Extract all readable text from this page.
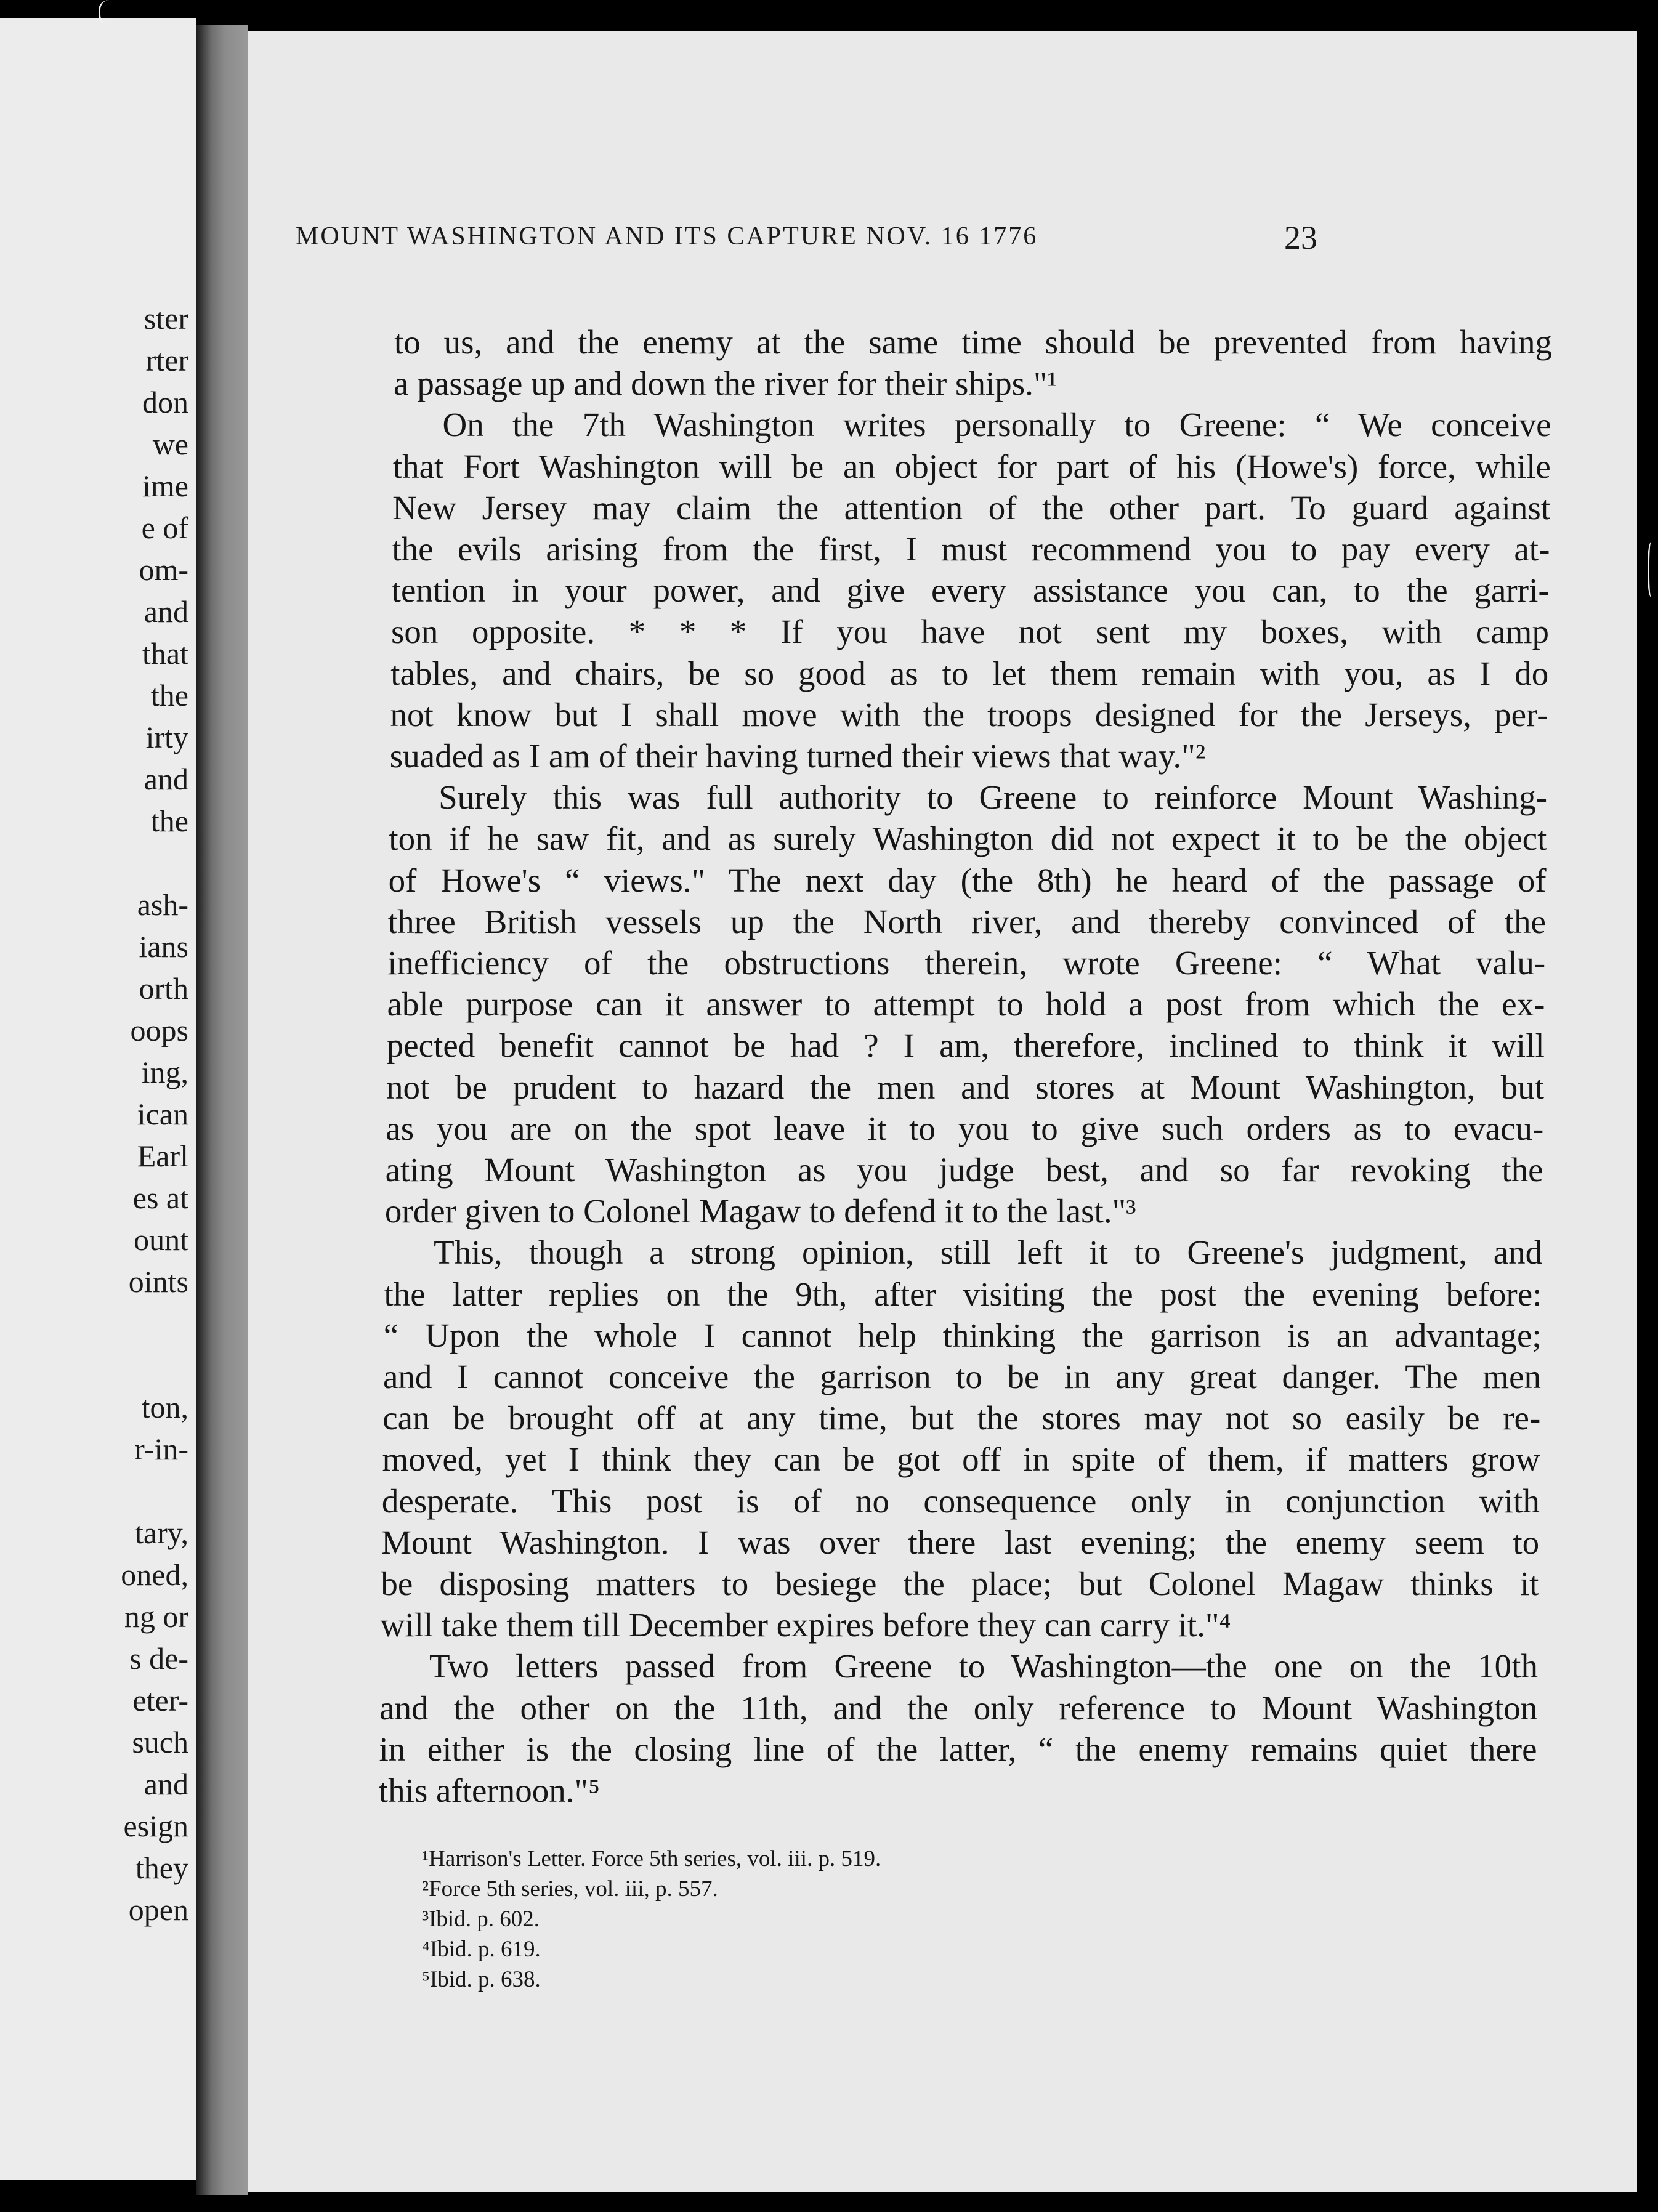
ster
rter
don
we
ime
e of
om-
and
that
the
irty
and
the
ash-
ians
orth
oops
ing,
ican
Earl
es at
ount
oints
ton,
r-in-
tary,
oned,
ng or
s de-
eter-
such
and
esign
they
open
MOUNT WASHINGTON AND ITS CAPTURE NOV. 16 1776	23
to us, and the enemy at the same time should be prevented from having
a passage up and down the river for their ships."¹
On the 7th Washington writes personally to Greene: “ We conceive
that Fort Washington will be an object for part of his (Howe's) force, while
New Jersey may claim the attention of the other part. To guard against
the evils arising from the first, I must recommend you to pay every at-
tention in your power, and give every assistance you can, to the garri-
son opposite. * * * If you have not sent my boxes, with camp
tables, and chairs, be so good as to let them remain with you, as I do
not know but I shall move with the troops designed for the Jerseys, per-
suaded as I am of their having turned their views that way."²
Surely this was full authority to Greene to reinforce Mount Washing-
ton if he saw fit, and as surely Washington did not expect it to be the object
of Howe's “ views." The next day (the 8th) he heard of the passage of
three British vessels up the North river, and thereby convinced of the
inefficiency of the obstructions therein, wrote Greene: “ What valu-
able purpose can it answer to attempt to hold a post from which the ex-
pected benefit cannot be had ? I am, therefore, inclined to think it will
not be prudent to hazard the men and stores at Mount Washington, but
as you are on the spot leave it to you to give such orders as to evacu-
ating Mount Washington as you judge best, and so far revoking the
order given to Colonel Magaw to defend it to the last."³
This, though a strong opinion, still left it to Greene's judgment, and
the latter replies on the 9th, after visiting the post the evening before:
“ Upon the whole I cannot help thinking the garrison is an advantage;
and I cannot conceive the garrison to be in any great danger. The men
can be brought off at any time, but the stores may not so easily be re-
moved, yet I think they can be got off in spite of them, if matters grow
desperate. This post is of no consequence only in conjunction with
Mount Washington. I was over there last evening; the enemy seem to
be disposing matters to besiege the place; but Colonel Magaw thinks it
will take them till December expires before they can carry it."⁴
Two letters passed from Greene to Washington—the one on the 10th
and the other on the 11th, and the only reference to Mount Washington
in either is the closing line of the latter, “ the enemy remains quiet there
this afternoon."⁵
¹Harrison's Letter. Force 5th series, vol. iii. p. 519.
²Force 5th series, vol. iii, p. 557.
³Ibid. p. 602.
⁴Ibid. p. 619.
⁵Ibid. p. 638.
